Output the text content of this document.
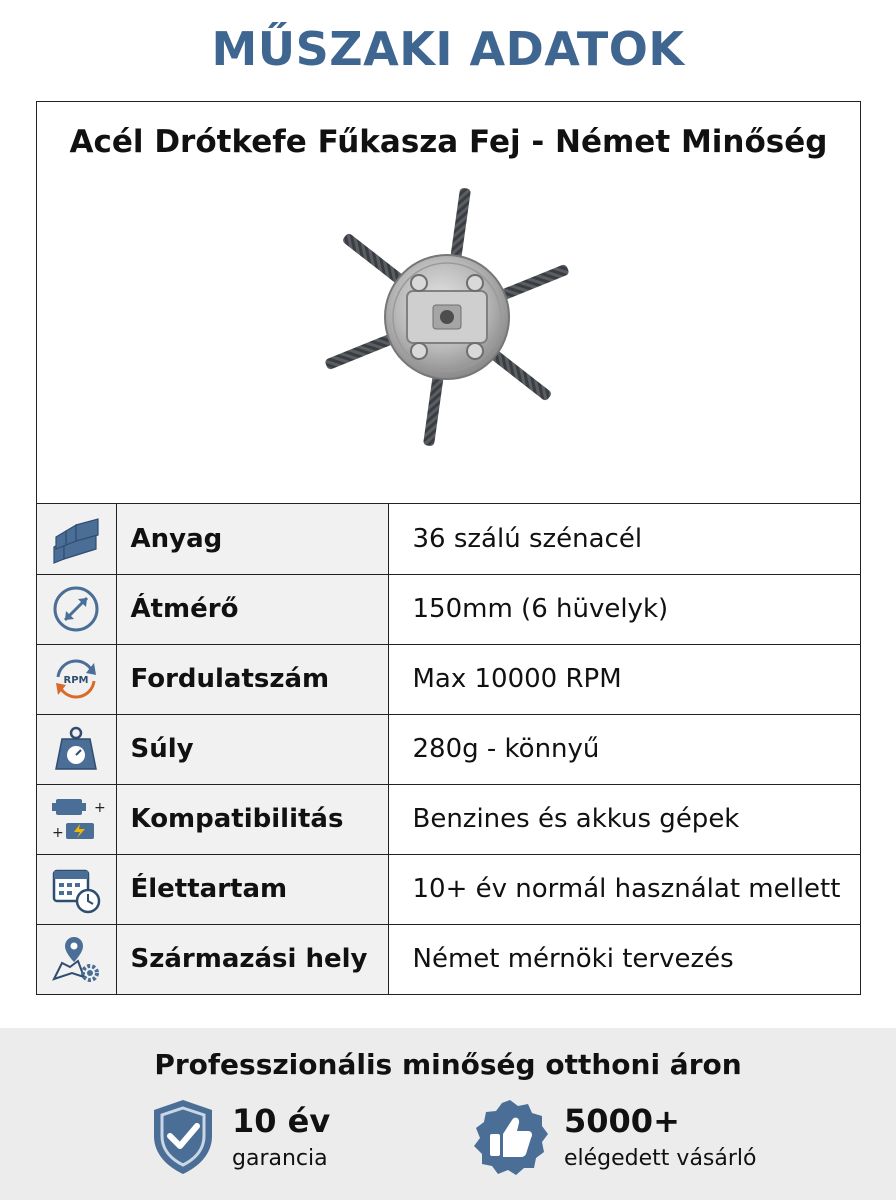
MŰSZAKI ADATOK
Acél Drótkefe Fűkasza Fej - Német Minőség
	Anyag	36 szálú szénacél
	Átmérő	150mm (6 hüvelyk)

RPM	Fordulatszám	Max 10000 RPM
	Súly	280g - könnyű

+
+	Kompatibilitás	Benzines és akkus gépek
	Élettartam	10+ év normál használat mellett
	Származási hely	Német mérnöki tervezés
Professzionális minőség otthoni áron
10 év
garancia
5000+
elégedett vásárló
